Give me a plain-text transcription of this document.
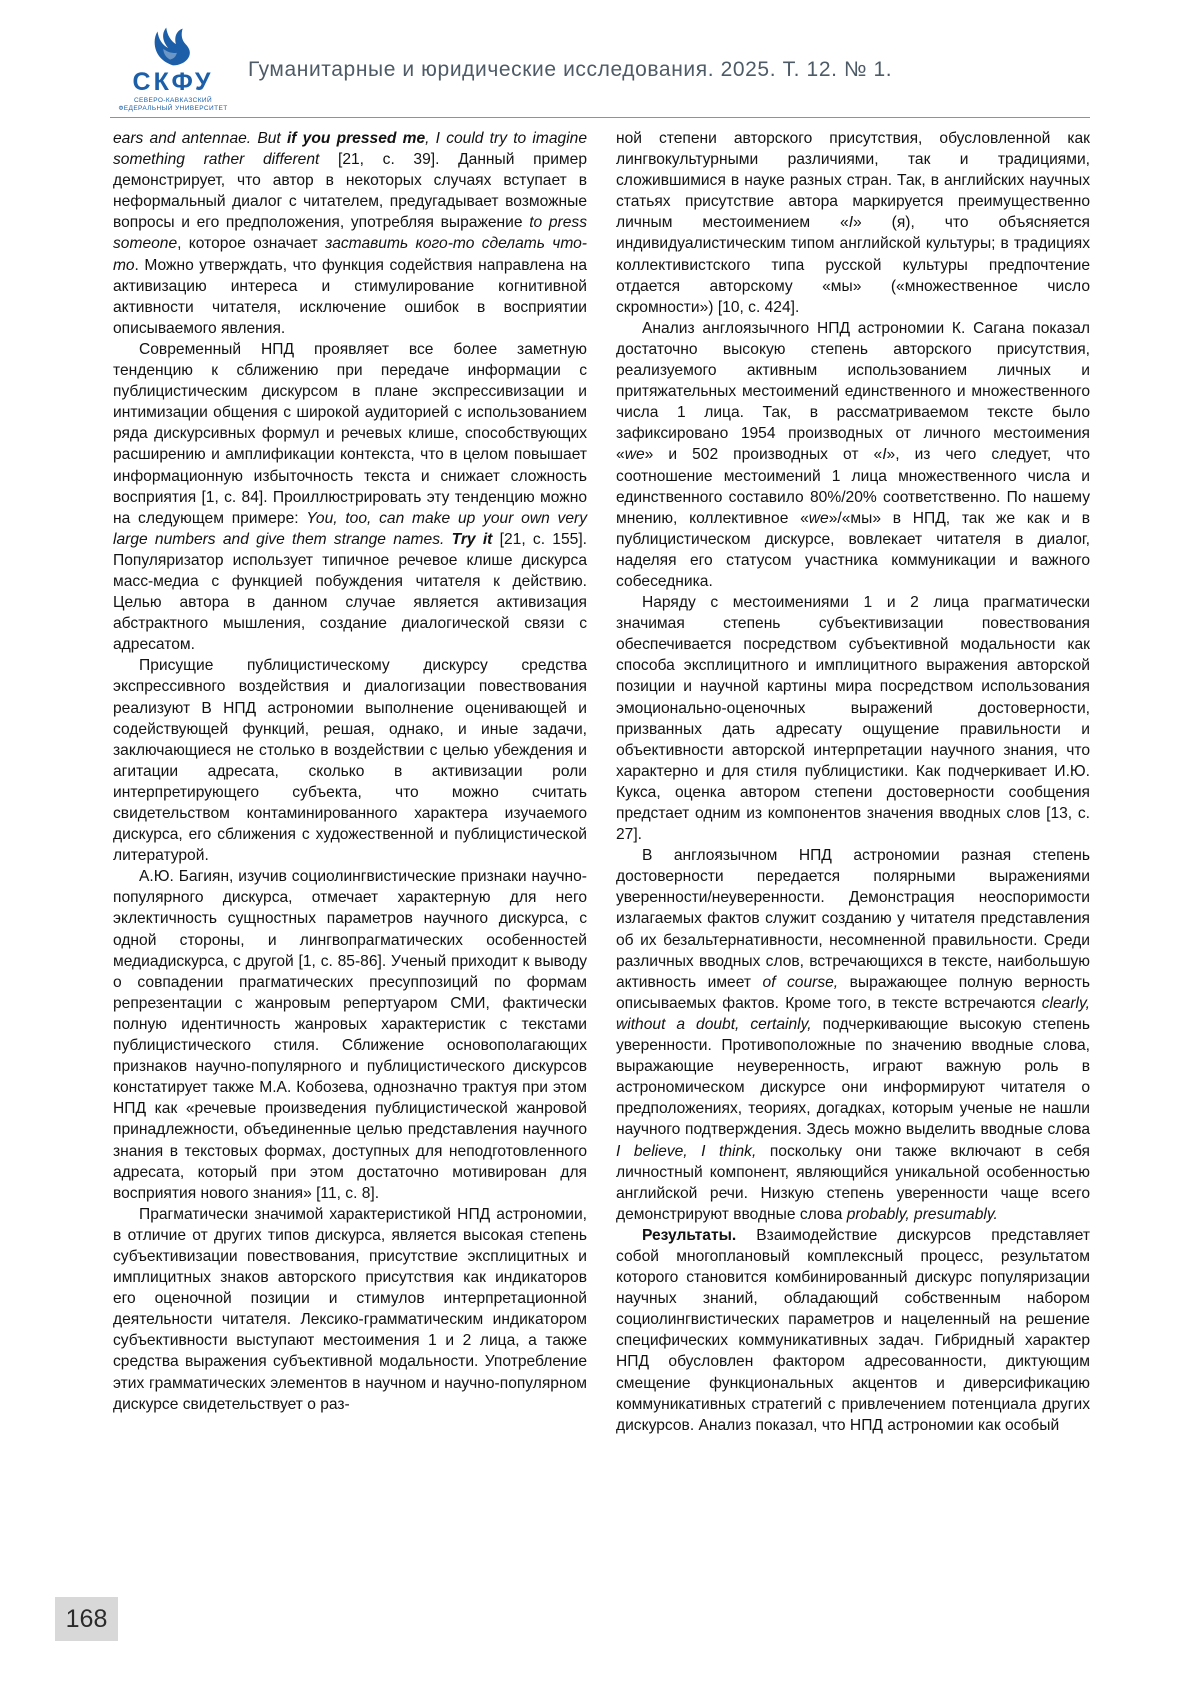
СКФУ
СЕВЕРО-КАВКАЗСКИЙ ФЕДЕРАЛЬНЫЙ УНИВЕРСИТЕТ
Гуманитарные и юридические исследования. 2025. Т. 12. № 1.

ears and antennae. But if you pressed me, I could try to imagine something rather different [21, с. 39]. Данный пример демонстрирует, что автор в некоторых случаях вступает в неформальный диалог с читателем, предугадывает возможные вопросы и его предположения, употребляя выражение to press someone, которое означает заставить кого-то сделать что-то. Можно утверждать, что функция содействия направлена на активизацию интереса и стимулирование когнитивной активности читателя, исключение ошибок в восприятии описываемого явления.

Современный НПД проявляет все более заметную тенденцию к сближению при передаче информации с публицистическим дискурсом в плане экспрессивизации и интимизации общения с широкой аудиторией с использованием ряда дискурсивных формул и речевых клише, способствующих расширению и амплификации контекста, что в целом повышает информационную избыточность текста и снижает сложность восприятия [1, с. 84]. Проиллюстрировать эту тенденцию можно на следующем примере: You, too, can make up your own very large numbers and give them strange names. Try it [21, с. 155]. Популяризатор использует типичное речевое клише дискурса масс-медиа с функцией побуждения читателя к действию. Целью автора в данном случае является активизация абстрактного мышления, создание диалогической связи с адресатом.

Присущие публицистическому дискурсу средства экспрессивного воздействия и диалогизации повествования реализуют В НПД астрономии выполнение оценивающей и содействующей функций, решая, однако, и иные задачи, заключающиеся не столько в воздействии с целью убеждения и агитации адресата, сколько в активизации роли интерпретирующего субъекта, что можно считать свидетельством контаминированного характера изучаемого дискурса, его сближения с художественной и публицистической литературой.

А.Ю. Багиян, изучив социолингвистические признаки научно-популярного дискурса, отмечает характерную для него эклектичность сущностных параметров научного дискурса, с одной стороны, и лингвопрагматических особенностей медиадискурса, с другой [1, с. 85-86]. Ученый приходит к выводу о совпадении прагматических пресуппозиций по формам репрезентации с жанровым репертуаром СМИ, фактически полную идентичность жанровых характеристик с текстами публицистического стиля. Сближение основополагающих признаков научно-популярного и публицистического дискурсов констатирует также М.А. Кобозева, однозначно трактуя при этом НПД как «речевые произведения публицистической жанровой принадлежности, объединенные целью представления научного знания в текстовых формах, доступных для неподготовленного адресата, который при этом достаточно мотивирован для восприятия нового знания» [11, с. 8].

Прагматически значимой характеристикой НПД астрономии, в отличие от других типов дискурса, является высокая степень субъективизации повествования, присутствие эксплицитных и имплицитных знаков авторского присутствия как индикаторов его оценочной позиции и стимулов интерпретационной деятельности читателя. Лексико-грамматическим индикатором субъективности выступают местоимения 1 и 2 лица, а также средства выражения субъективной модальности. Употребление этих грамматических элементов в научном и научно-популярном дискурсе свидетельствует о раз-

ной степени авторского присутствия, обусловленной как лингвокультурными различиями, так и традициями, сложившимися в науке разных стран. Так, в английских научных статьях присутствие автора маркируется преимущественно личным местоимением «I» (я), что объясняется индивидуалистическим типом английской культуры; в традициях коллективистского типа русской культуры предпочтение отдается авторскому «мы» («множественное число скромности») [10, с. 424].

Анализ англоязычного НПД астрономии К. Сагана показал достаточно высокую степень авторского присутствия, реализуемого активным использованием личных и притяжательных местоимений единственного и множественного числа 1 лица. Так, в рассматриваемом тексте было зафиксировано 1954 производных от личного местоимения «we» и 502 производных от «I», из чего следует, что соотношение местоимений 1 лица множественного числа и единственного составило 80%/20% соответственно. По нашему мнению, коллективное «we»/«мы» в НПД, так же как и в публицистическом дискурсе, вовлекает читателя в диалог, наделяя его статусом участника коммуникации и важного собеседника.

Наряду с местоимениями 1 и 2 лица прагматически значимая степень субъективизации повествования обеспечивается посредством субъективной модальности как способа эксплицитного и имплицитного выражения авторской позиции и научной картины мира посредством использования эмоционально-оценочных выражений достоверности, призванных дать адресату ощущение правильности и объективности авторской интерпретации научного знания, что характерно и для стиля публицистики. Как подчеркивает И.Ю. Кукса, оценка автором степени достоверности сообщения предстает одним из компонентов значения вводных слов [13, с. 27].

В англоязычном НПД астрономии разная степень достоверности передается полярными выражениями уверенности/неуверенности. Демонстрация неоспоримости излагаемых фактов служит созданию у читателя представления об их безальтернативности, несомненной правильности. Среди различных вводных слов, встречающихся в тексте, наибольшую активность имеет of course, выражающее полную верность описываемых фактов. Кроме того, в тексте встречаются clearly, without a doubt, certainly, подчеркивающие высокую степень уверенности. Противоположные по значению вводные слова, выражающие неуверенность, играют важную роль в астрономическом дискурсе они информируют читателя о предположениях, теориях, догадках, которым ученые не нашли научного подтверждения. Здесь можно выделить вводные слова I believe, I think, поскольку они также включают в себя личностный компонент, являющийся уникальной особенностью английской речи. Низкую степень уверенности чаще всего демонстрируют вводные слова probably, presumably.

Результаты. Взаимодействие дискурсов представляет собой многоплановый комплексный процесс, результатом которого становится комбинированный дискурс популяризации научных знаний, обладающий собственным набором социолингвистических параметров и нацеленный на решение специфических коммуникативных задач. Гибридный характер НПД обусловлен фактором адресованности, диктующим смещение функциональных акцентов и диверсификацию коммуникативных стратегий с привлечением потенциала других дискурсов. Анализ показал, что НПД астрономии как особый

168
